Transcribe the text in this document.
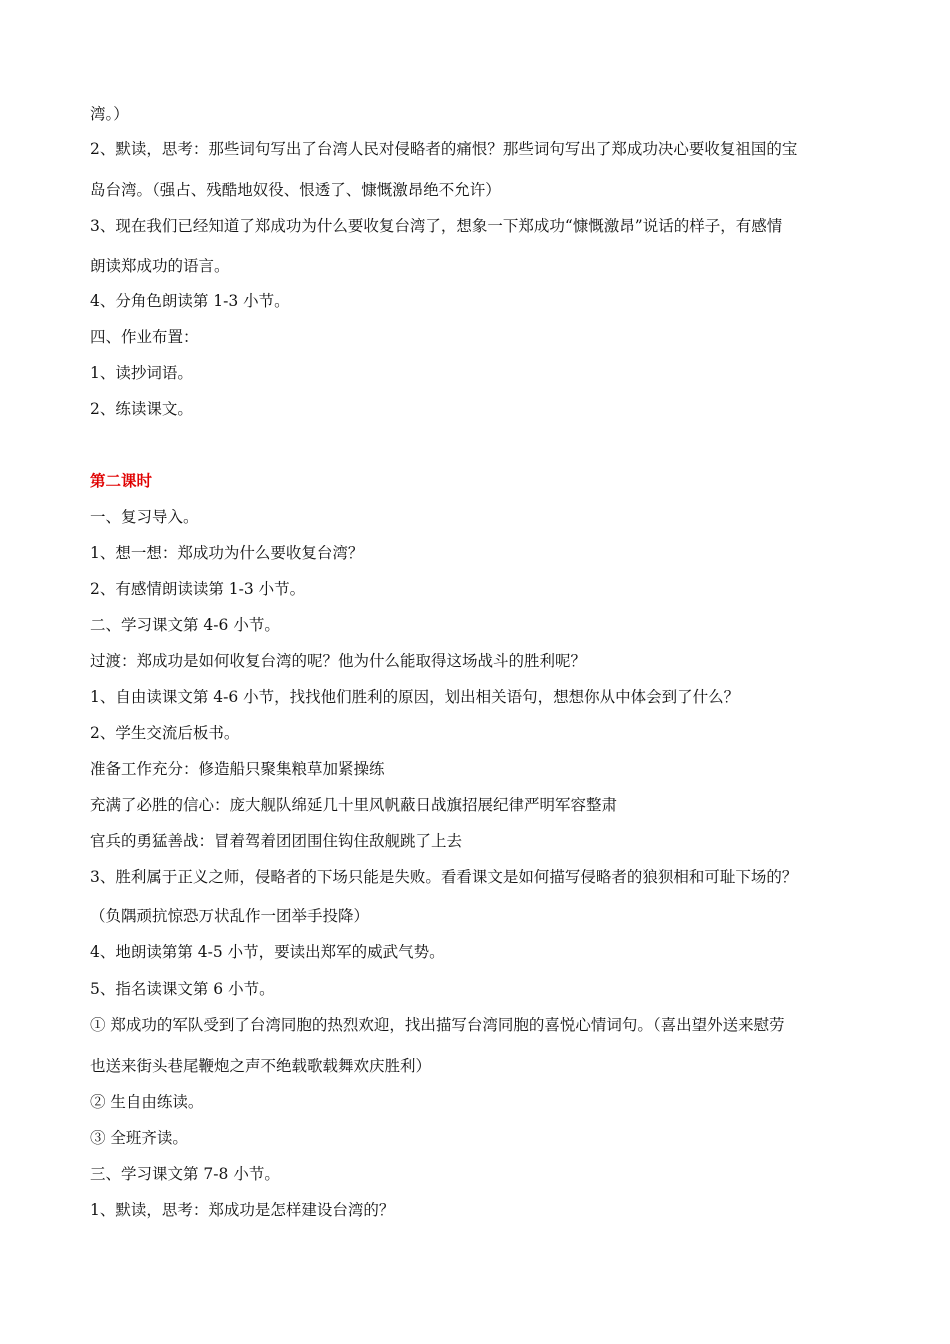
湾。）
2、默读，思考：那些词句写出了台湾人民对侵略者的痛恨？那些词句写出了郑成功决心要收复祖国的宝
岛台湾。（强占、残酷地奴役、恨透了、慷慨激昂绝不允许）
3、现在我们已经知道了郑成功为什么要收复台湾了，想象一下郑成功“慷慨激昂”说话的样子，有感情
朗读郑成功的语言。
4、分角色朗读第 1-3 小节。
四、作业布置：
1、读抄词语。
2、练读课文。
第二课时
一、复习导入。
1、想一想：郑成功为什么要收复台湾？
2、有感情朗读读第 1-3 小节。
二、学习课文第 4-6 小节。
过渡：郑成功是如何收复台湾的呢？他为什么能取得这场战斗的胜利呢？
1、自由读课文第 4-6 小节，找找他们胜利的原因，划出相关语句，想想你从中体会到了什么？
2、学生交流后板书。
准备工作充分：修造船只聚集粮草加紧操练
充满了必胜的信心：庞大舰队绵延几十里风帆蔽日战旗招展纪律严明军容整肃
官兵的勇猛善战：冒着驾着团团围住钩住敌舰跳了上去
3、胜利属于正义之师，侵略者的下场只能是失败。看看课文是如何描写侵略者的狼狈相和可耻下场的？
（负隅顽抗惊恐万状乱作一团举手投降）
4、地朗读第第 4-5 小节，要读出郑军的威武气势。
5、指名读课文第 6 小节。
① 郑成功的军队受到了台湾同胞的热烈欢迎，找出描写台湾同胞的喜悦心情词句。（喜出望外送来慰劳
也送来街头巷尾鞭炮之声不绝载歌载舞欢庆胜利）
② 生自由练读。
③ 全班齐读。
三、学习课文第 7-8 小节。
1、默读，思考：郑成功是怎样建设台湾的？
